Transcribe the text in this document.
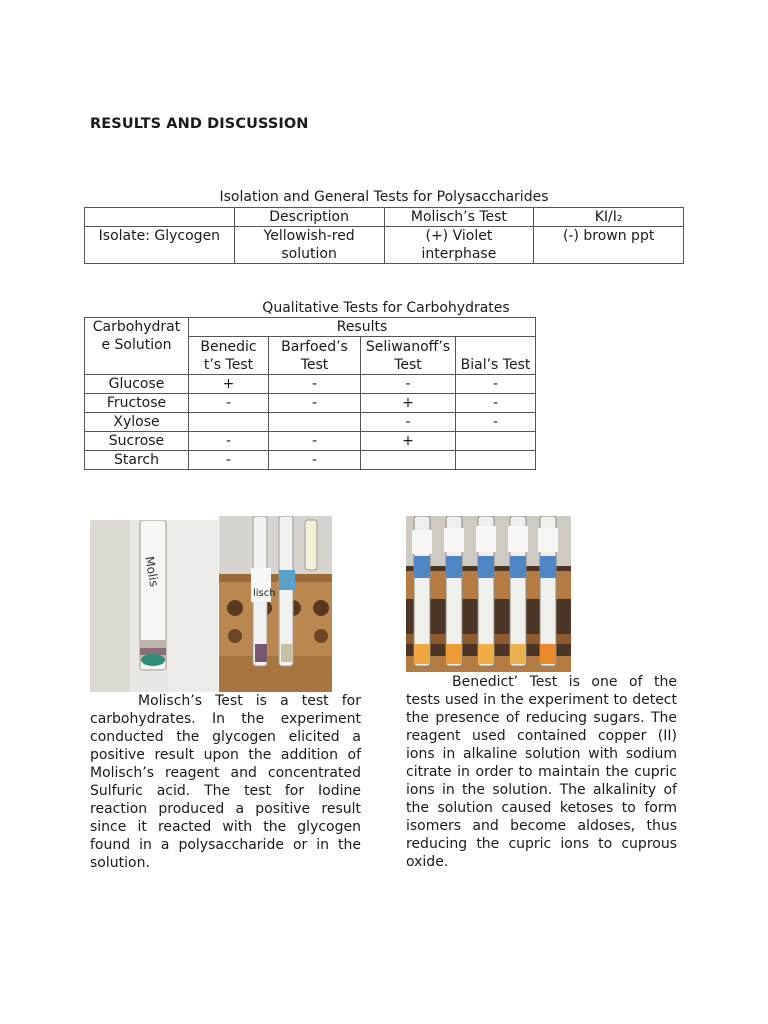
RESULTS AND DISCUSSION
Isolation and General Tests for Polysaccharides
	Description	Molisch’s Test	KI/I₂
Isolate: Glycogen	Yellowish-red solution	(+) Violet interphase	(-) brown ppt
Qualitative Tests for Carbohydrates
Carbohydrate Solution	Results			
	Benedict’s Test	Barfoed’s Test	Seliwanoff’s Test	Bial’s Test
Glucose	+	-	-	-
Fructose	-	-	+	-
Xylose			-	-
Sucrose	-	-	+	
Starch	-	-		
Molis
lisch
Molisch’s Test is a test for carbohydrates. In the experiment conducted the glycogen elicited a positive result upon the addition of Molisch’s reagent and concentrated Sulfuric acid. The test for Iodine reaction produced a positive result since it reacted with the glycogen found in a polysaccharide or in the solution.
Benedict’ Test is one of the tests used in the experiment to detect the presence of reducing sugars. The reagent used contained copper (II) ions in alkaline solution with sodium citrate in order to maintain the cupric ions in the solution. The alkalinity of the solution caused ketoses to form isomers and become aldoses, thus reducing the cupric ions to cuprous oxide.
